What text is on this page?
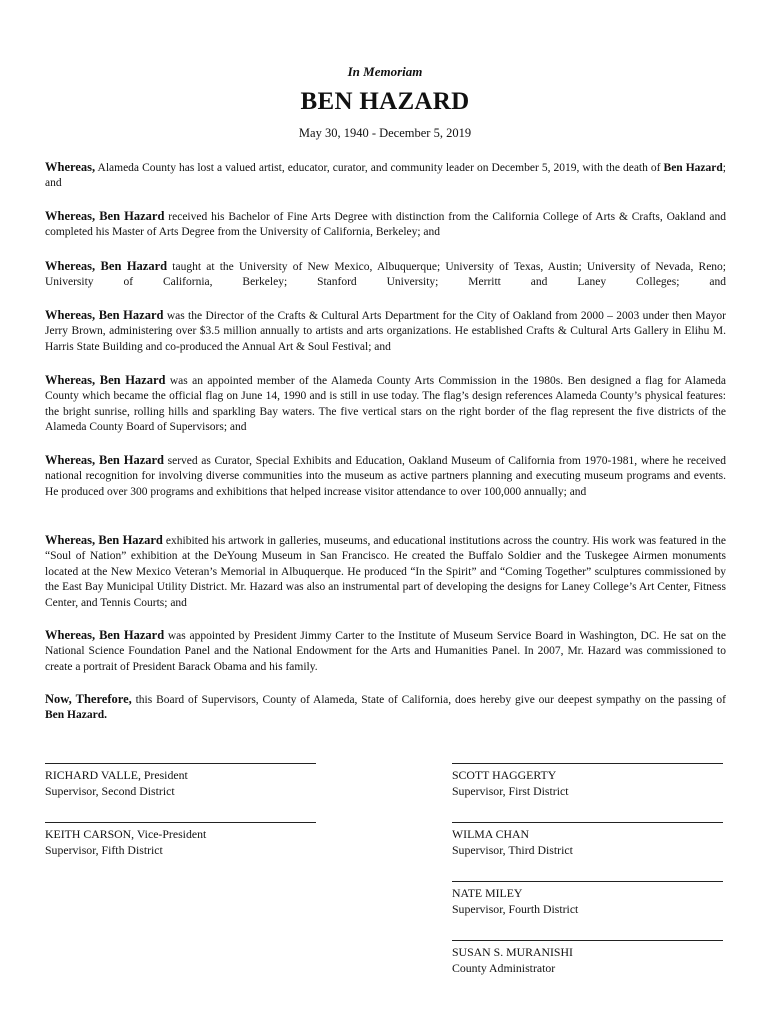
In Memoriam
BEN HAZARD
May 30, 1940 - December 5, 2019

Whereas, Alameda County has lost a valued artist, educator, curator, and community leader on December 5, 2019, with the death of Ben Hazard; and

Whereas, Ben Hazard received his Bachelor of Fine Arts Degree with distinction from the California College of Arts & Crafts, Oakland and completed his Master of Arts Degree from the University of California, Berkeley; and

Whereas, Ben Hazard taught at the University of New Mexico, Albuquerque; University of Texas, Austin; University of Nevada, Reno; University of California, Berkeley; Stanford University; Merritt and Laney Colleges; and

Whereas, Ben Hazard was the Director of the Crafts & Cultural Arts Department for the City of Oakland from 2000 – 2003 under then Mayor Jerry Brown, administering over $3.5 million annually to artists and arts organizations. He established Crafts & Cultural Arts Gallery in Elihu M. Harris State Building and co-produced the Annual Art & Soul Festival; and

Whereas, Ben Hazard was an appointed member of the Alameda County Arts Commission in the 1980s. Ben designed a flag for Alameda County which became the official flag on June 14, 1990 and is still in use today. The flag’s design references Alameda County’s physical features: the bright sunrise, rolling hills and sparkling Bay waters. The five vertical stars on the right border of the flag represent the five districts of the Alameda County Board of Supervisors; and

Whereas, Ben Hazard served as Curator, Special Exhibits and Education, Oakland Museum of California from 1970-1981, where he received national recognition for involving diverse communities into the museum as active partners planning and executing museum programs and events. He produced over 300 programs and exhibitions that helped increase visitor attendance to over 100,000 annually; and

Whereas, Ben Hazard exhibited his artwork in galleries, museums, and educational institutions across the country. His work was featured in the “Soul of Nation” exhibition at the DeYoung Museum in San Francisco. He created the Buffalo Soldier and the Tuskegee Airmen monuments located at the New Mexico Veteran’s Memorial in Albuquerque. He produced “In the Spirit” and “Coming Together” sculptures commissioned by the East Bay Municipal Utility District. Mr. Hazard was also an instrumental part of developing the designs for Laney College’s Art Center, Fitness Center, and Tennis Courts; and

Whereas, Ben Hazard was appointed by President Jimmy Carter to the Institute of Museum Service Board in Washington, DC. He sat on the National Science Foundation Panel and the National Endowment for the Arts and Humanities Panel. In 2007, Mr. Hazard was commissioned to create a portrait of President Barack Obama and his family.

Now, Therefore, this Board of Supervisors, County of Alameda, State of California, does hereby give our deepest sympathy on the passing of Ben Hazard.

RICHARD VALLE, President
Supervisor, Second District
SCOTT HAGGERTY
Supervisor, First District
KEITH CARSON, Vice-President
Supervisor, Fifth District
WILMA CHAN
Supervisor, Third District
NATE MILEY
Supervisor, Fourth District
SUSAN S. MURANISHI
County Administrator
